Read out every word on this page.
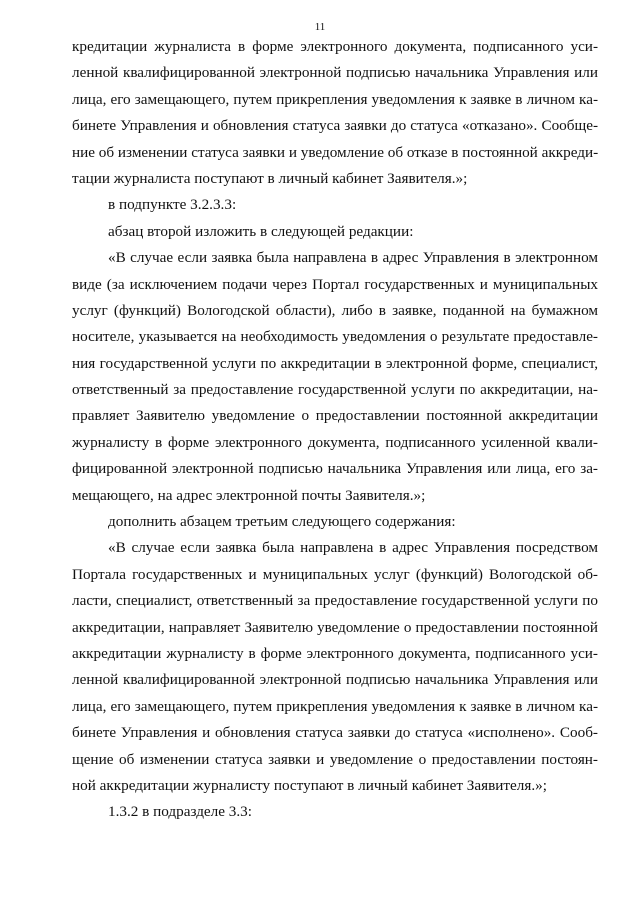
11
кредитации журналиста в форме электронного документа, подписанного уси-
ленной квалифицированной электронной подписью начальника Управления или
лица, его замещающего, путем прикрепления уведомления к заявке в личном ка-
бинете Управления и обновления статуса заявки до статуса «отказано». Сообще-
ние об изменении статуса заявки и уведомление об отказе в постоянной аккреди-
тации журналиста поступают в личный кабинет Заявителя.»;
в подпункте 3.2.3.3:
абзац второй изложить в следующей редакции:
«В случае если заявка была направлена в адрес Управления в электронном
виде (за исключением подачи через Портал государственных и муниципальных
услуг (функций) Вологодской области), либо в заявке, поданной на бумажном
носителе, указывается на необходимость уведомления о результате предоставле-
ния государственной услуги по аккредитации в электронной форме, специалист,
ответственный за предоставление государственной услуги по аккредитации, на-
правляет Заявителю уведомление о предоставлении постоянной аккредитации
журналисту в форме электронного документа, подписанного усиленной квали-
фицированной электронной подписью начальника Управления или лица, его за-
мещающего, на адрес электронной почты Заявителя.»;
дополнить абзацем третьим следующего содержания:
«В случае если заявка была направлена в адрес Управления посредством
Портала государственных и муниципальных услуг (функций) Вологодской об-
ласти, специалист, ответственный за предоставление государственной услуги по
аккредитации, направляет Заявителю уведомление о предоставлении постоянной
аккредитации журналисту в форме электронного документа, подписанного уси-
ленной квалифицированной электронной подписью начальника Управления или
лица, его замещающего, путем прикрепления уведомления к заявке в личном ка-
бинете Управления и обновления статуса заявки до статуса «исполнено». Сооб-
щение об изменении статуса заявки и уведомление о предоставлении постоян-
ной аккредитации журналисту поступают в личный кабинет Заявителя.»;
1.3.2 в подразделе 3.3:
